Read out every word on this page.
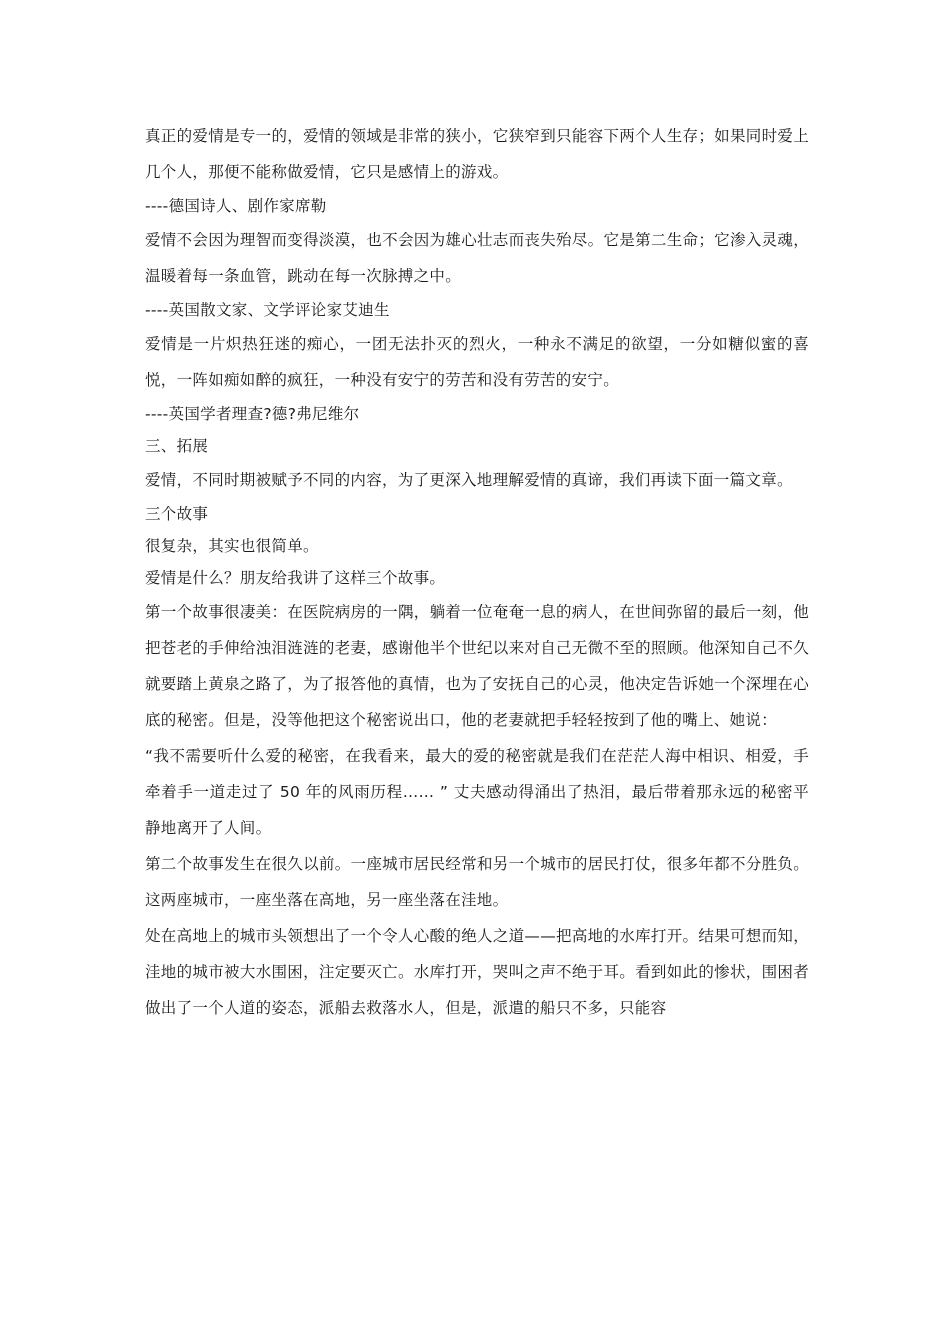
真正的爱情是专一的，爱情的领域是非常的狭小，它狭窄到只能容下两个人生存；如果同时爱上几个人，那便不能称做爱情，它只是感情上的游戏。

----德国诗人、剧作家席勒

爱情不会因为理智而变得淡漠，也不会因为雄心壮志而丧失殆尽。它是第二生命；它渗入灵魂，温暖着每一条血管，跳动在每一次脉搏之中。

----英国散文家、文学评论家艾迪生

爱情是一片炽热狂迷的痴心，一团无法扑灭的烈火，一种永不满足的欲望，一分如糖似蜜的喜悦，一阵如痴如醉的疯狂，一种没有安宁的劳苦和没有劳苦的安宁。

----英国学者理查?德?弗尼维尔

三、拓展

爱情，不同时期被赋予不同的内容，为了更深入地理解爱情的真谛，我们再读下面一篇文章。

三个故事

很复杂，其实也很简单。

爱情是什么？朋友给我讲了这样三个故事。

第一个故事很凄美：在医院病房的一隅，躺着一位奄奄一息的病人，在世间弥留的最后一刻，他把苍老的手伸给浊泪涟涟的老妻，感谢他半个世纪以来对自己无微不至的照顾。他深知自己不久就要踏上黄泉之路了，为了报答他的真情，也为了安抚自己的心灵，他决定告诉她一个深埋在心底的秘密。但是，没等他把这个秘密说出口，他的老妻就把手轻轻按到了他的嘴上、她说：

“我不需要听什么爱的秘密，在我看来，最大的爱的秘密就是我们在茫茫人海中相识、相爱，手牵着手一道走过了 50 年的风雨历程…… ” 丈夫感动得涌出了热泪，最后带着那永远的秘密平静地离开了人间。

第二个故事发生在很久以前。一座城市居民经常和另一个城市的居民打仗，很多年都不分胜负。这两座城市，一座坐落在高地，另一座坐落在洼地。

处在高地上的城市头领想出了一个令人心酸的绝人之道——把高地的水库打开。结果可想而知，洼地的城市被大水围困，注定要灭亡。水库打开，哭叫之声不绝于耳。看到如此的惨状，围困者做出了一个人道的姿态，派船去救落水人，但是，派遣的船只不多，只能容
